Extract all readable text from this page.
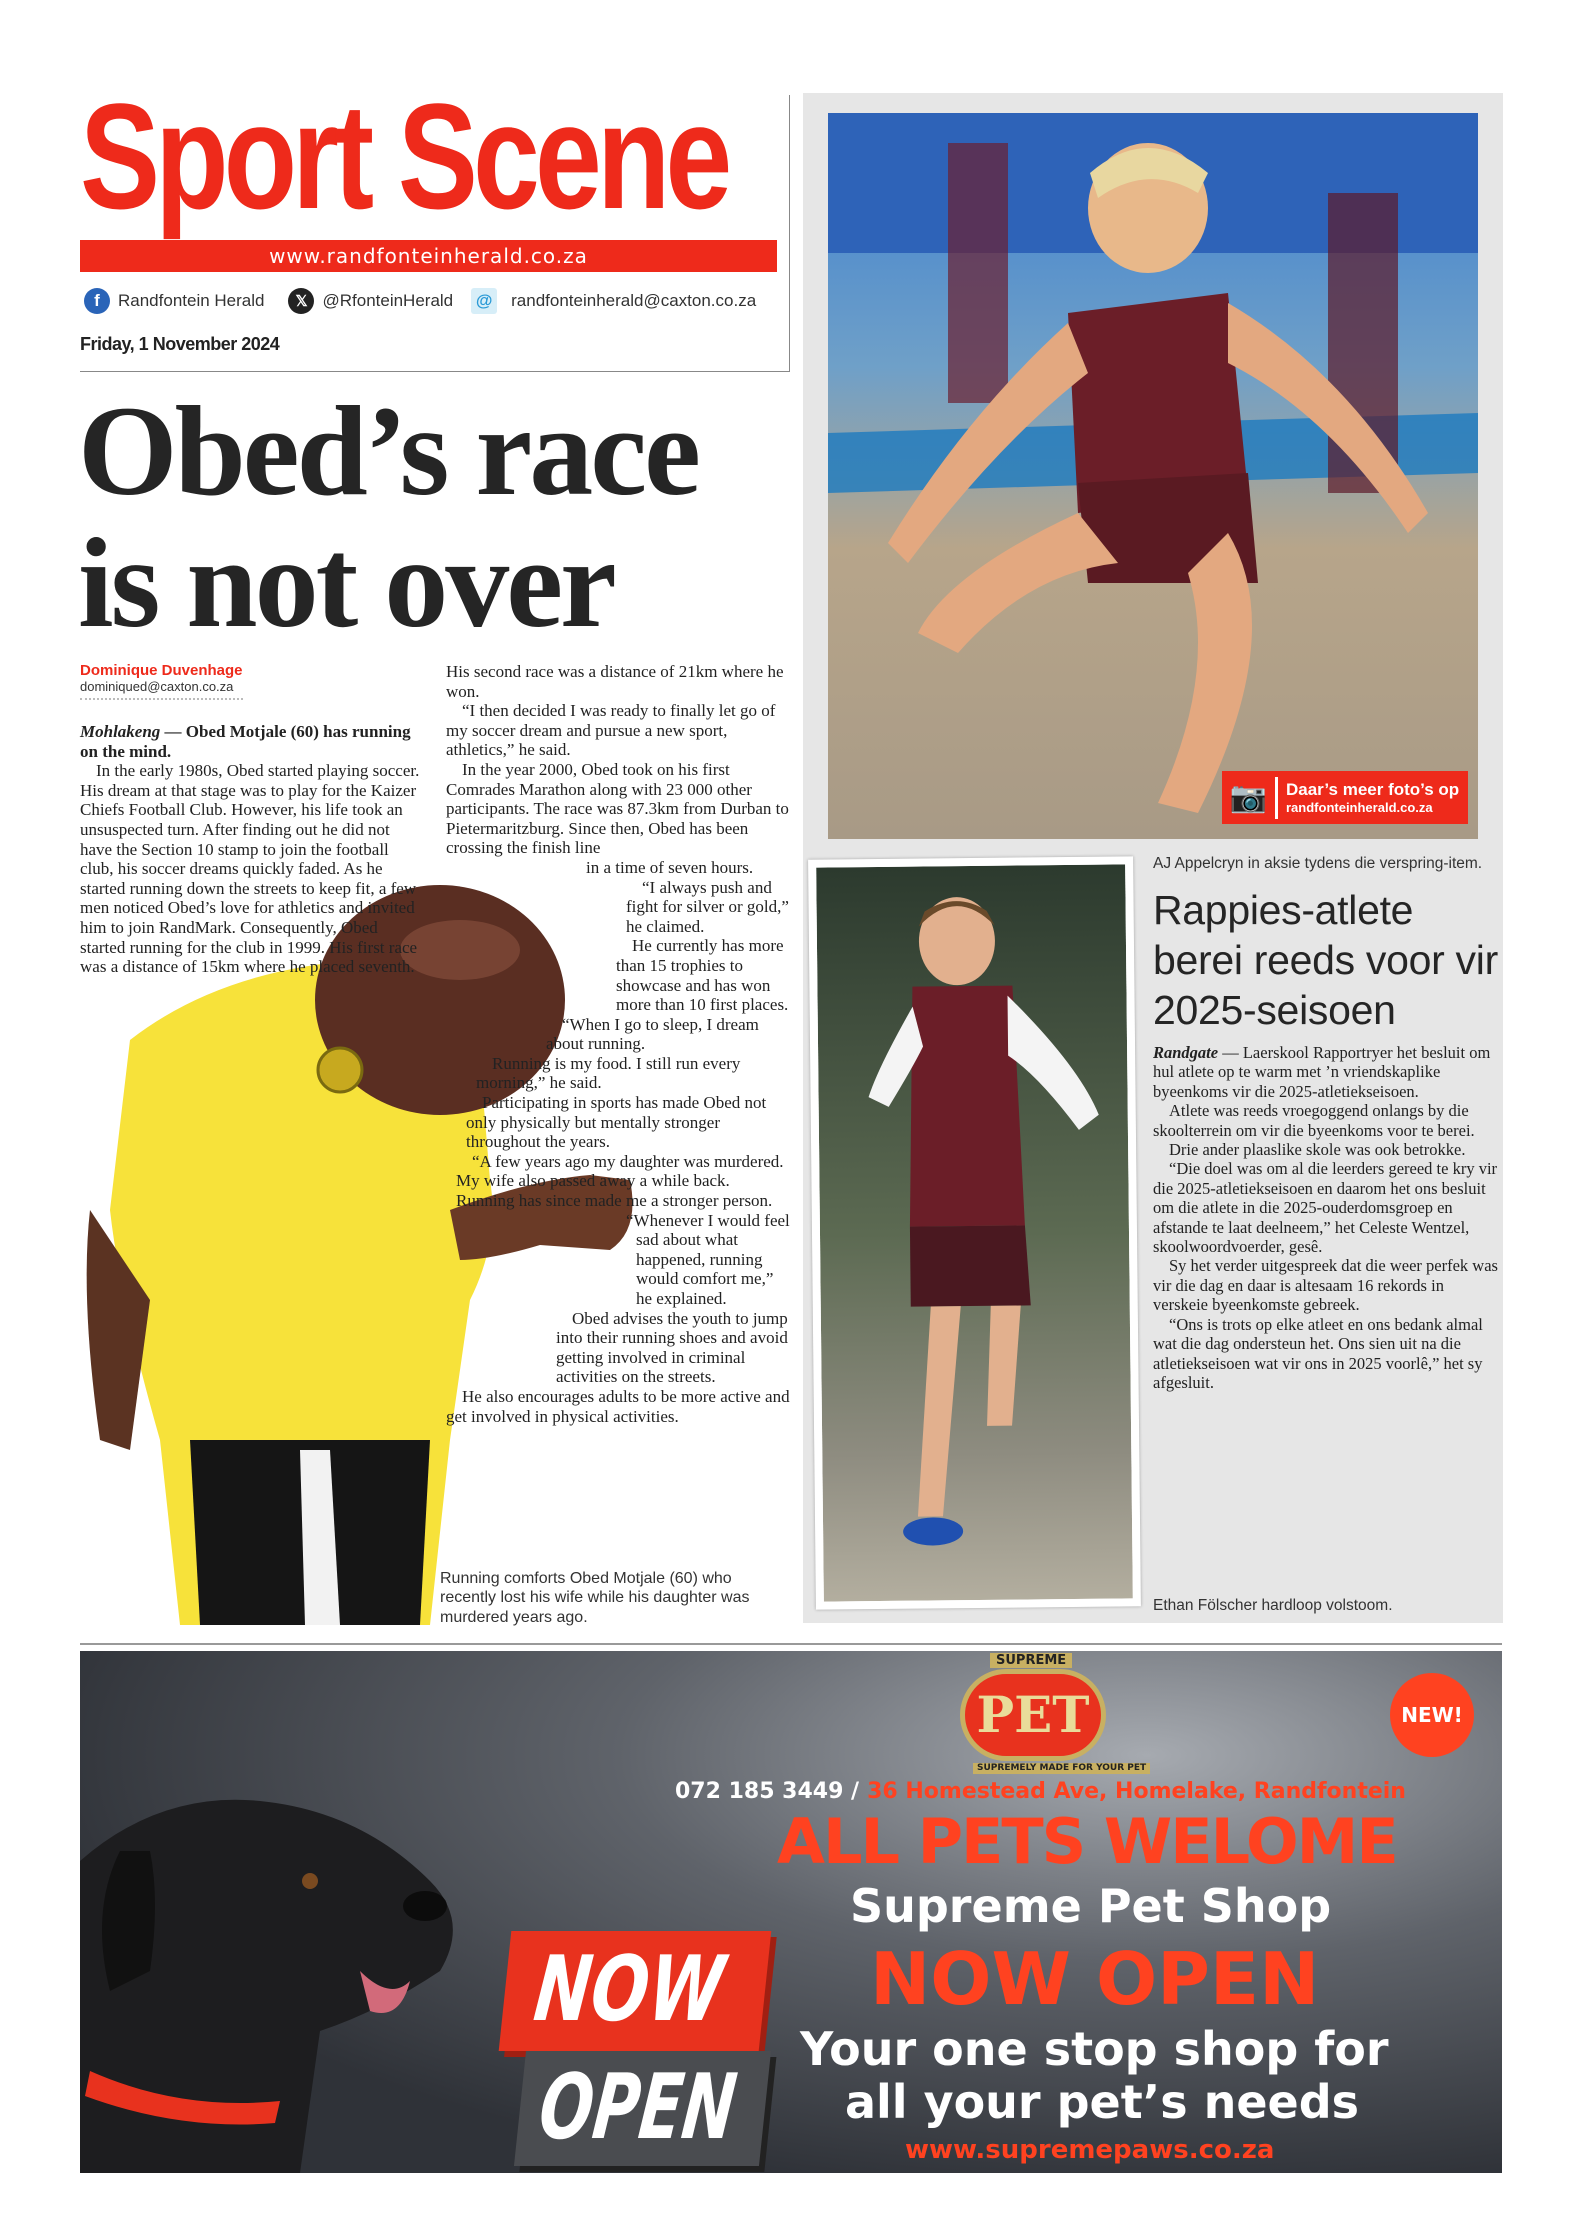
Sport Scene
www.randfonteinherald.co.za
f	Randfontein Herald	𝕏 @RfonteinHerald @ randfonteinherald@caxton.co.za
Friday, 1 November 2024
Obed’s race
is not over
Dominique Duvenhage
dominiqued@caxton.co.za

Mohlakeng — Obed Motjale (60) has running on the mind.

In the early 1980s, Obed started playing soccer. His dream at that stage was to play for the Kaizer Chiefs Football Club. However, his life took an unsuspected turn. After finding out he did not have the Section 10 stamp to join the football club, his soccer dreams quickly faded. As he started running down the streets to keep fit, a few men noticed Obed’s love for athletics and invited him to join RandMark. Consequently, Obed started running for the club in 1999. His first race was a distance of 15km where he placed seventh.

His second race was a distance of 21km where he won.

“I then decided I was ready to finally let go of my soccer dream and pursue a new sport, athletics,” he said.

In the year 2000, Obed took on his first Comrades Marathon along with 23 000 other participants. The race was 87.3km from Durban to Pietermaritzburg. Since then, Obed has been crossing the finish line

in a time of seven hours.

“I always push and fight for silver or gold,” he claimed.

He currently has more than 15 trophies to showcase and has won more than 10 first places.

“When I go to sleep, I dream about running.

Running is my food. I still run every morning,” he said.

Participating in sports has made Obed not only physically but mentally stronger throughout the years.

“A few years ago my daughter was murdered. My wife also passed away a while back. Running has since made me a stronger person.

“Whenever I would feel sad about what happened, running would comfort me,” he explained.

Obed advises the youth to jump into their running shoes and avoid getting involved in criminal activities on the streets.

He also encourages adults to be more active and get involved in physical activities.

Running comforts Obed Motjale (60) who recently lost his wife while his daughter was murdered years ago.
📷	Daar’s meer foto’s op
randfonteinherald.co.za
AJ Appelcryn in aksie tydens die verspring-item.
Rappies-atlete berei reeds voor vir 2025-seisoen

Randgate — Laerskool Rapportryer het besluit om hul atlete op te warm met ’n vriendskaplike byeenkoms vir die 2025-atletiekseisoen.

Atlete was reeds vroegoggend onlangs by die skoolterrein om vir die byeenkoms voor te berei.

Drie ander plaaslike skole was ook betrokke.

“Die doel was om al die leerders gereed te kry vir die 2025-atletiekseisoen en daarom het ons besluit om die atlete in die 2025-ouderdomsgroep en afstande te laat deelneem,” het Celeste Wentzel, skoolwoordvoerder, gesê.

Sy het verder uitgespreek dat die weer perfek was vir die dag en daar is altesaam 16 rekords in verskeie byeenkomste gebreek.

“Ons is trots op elke atleet en ons bedank almal wat die dag ondersteun het. Ons sien uit na die atletiekseisoen wat vir ons in 2025 voorlê,” het sy afgesluit.

Ethan Fölscher hardloop volstoom.
NOW
OPEN
PET
SUPREME
SUPREMELY MADE FOR YOUR PET
NEW!
072 185 3449 / 36 Homestead Ave, Homelake, Randfontein
ALL PETS WELOME
Supreme Pet Shop
NOW OPEN
Your one stop shop for
all your pet’s needs
www.supremepaws.co.za
